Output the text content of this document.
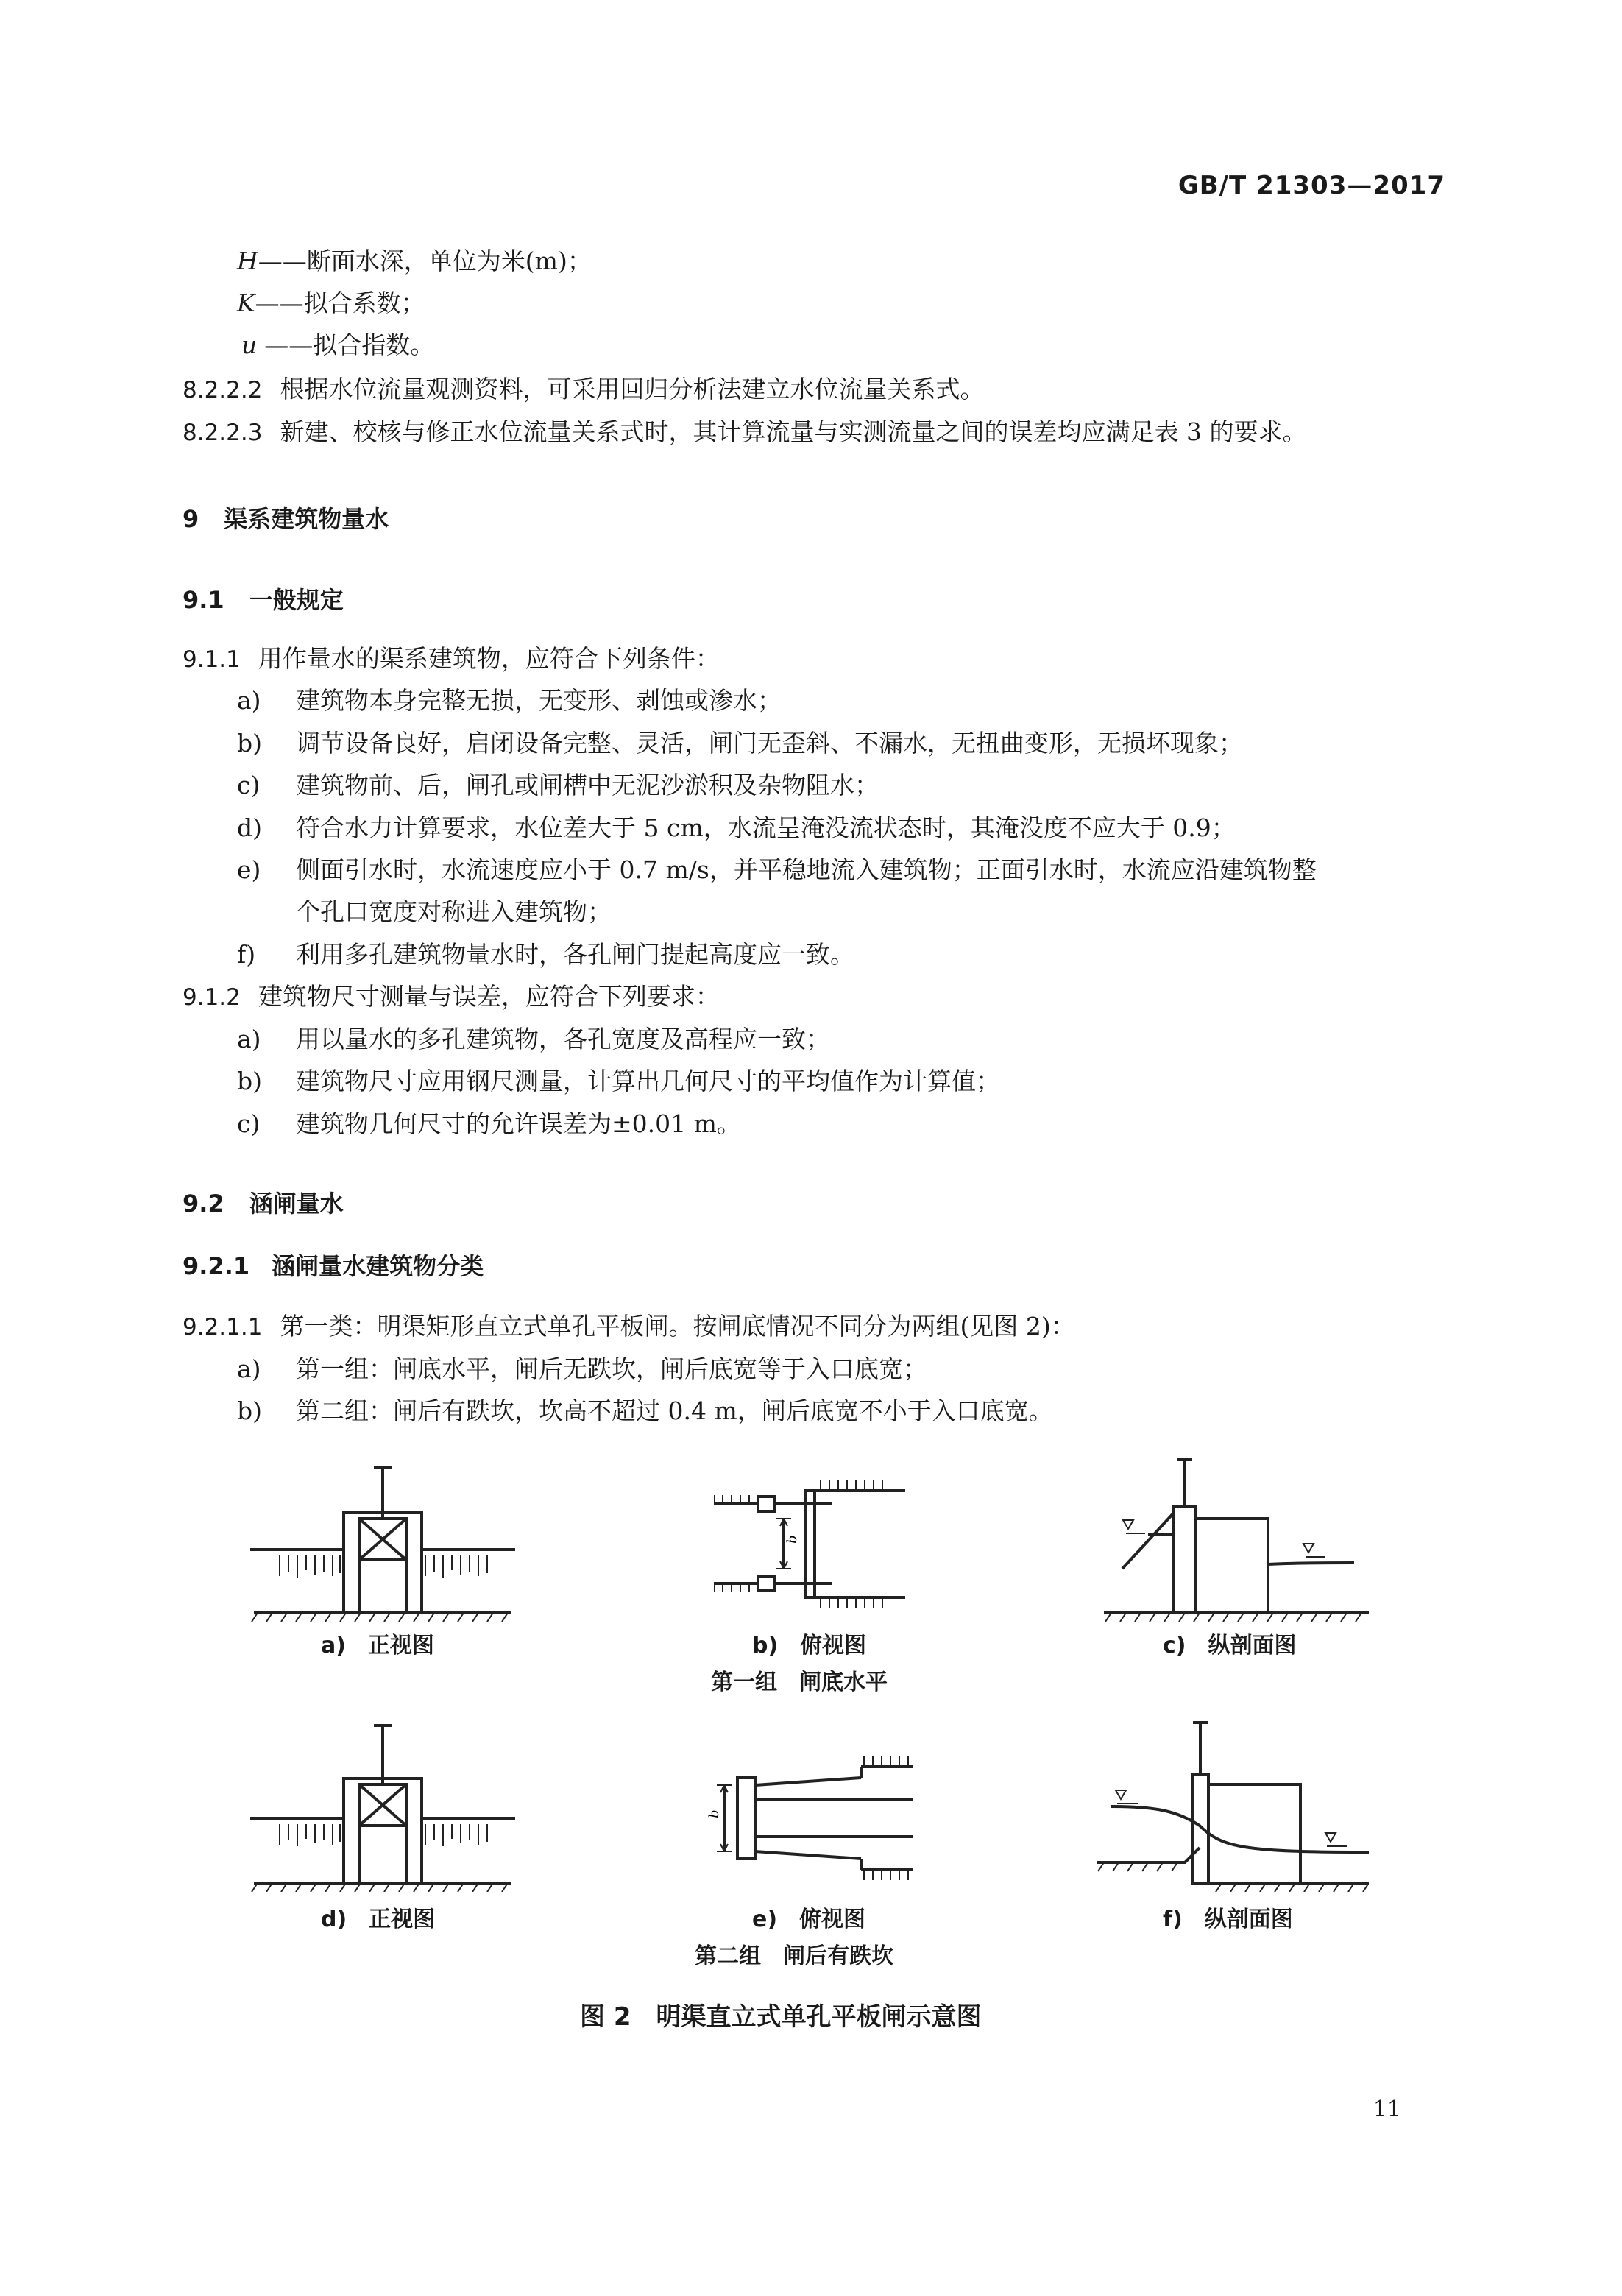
GB/T 21303—2017
H——断面水深，单位为米(m)；
K——拟合系数；
u ——拟合指数。
8.2.2.2 根据水位流量观测资料，可采用回归分析法建立水位流量关系式。
8.2.2.3 新建、校核与修正水位流量关系式时，其计算流量与实测流量之间的误差均应满足表 3 的要求。
9 渠系建筑物量水
9.1 一般规定
9.1.1 用作量水的渠系建筑物，应符合下列条件：
a) 建筑物本身完整无损，无变形、剥蚀或渗水；
b) 调节设备良好，启闭设备完整、灵活，闸门无歪斜、不漏水，无扭曲变形，无损坏现象；
c) 建筑物前、后，闸孔或闸槽中无泥沙淤积及杂物阻水；
d) 符合水力计算要求，水位差大于 5 cm，水流呈淹没流状态时，其淹没度不应大于 0.9；
e) 侧面引水时，水流速度应小于 0.7 m/s，并平稳地流入建筑物；正面引水时，水流应沿建筑物整
个孔口宽度对称进入建筑物；
f) 利用多孔建筑物量水时，各孔闸门提起高度应一致。
9.1.2 建筑物尺寸测量与误差，应符合下列要求：
a) 用以量水的多孔建筑物，各孔宽度及高程应一致；
b) 建筑物尺寸应用钢尺测量，计算出几何尺寸的平均值作为计算值；
c) 建筑物几何尺寸的允许误差为±0.01 m。
9.2 涵闸量水
9.2.1 涵闸量水建筑物分类
9.2.1.1 第一类：明渠矩形直立式单孔平板闸。按闸底情况不同分为两组(见图 2)：
a) 第一组：闸底水平，闸后无跌坎，闸后底宽等于入口底宽；
b) 第二组：闸后有跌坎，坎高不超过 0.4 m，闸后底宽不小于入口底宽。
b
a)　正视图	b)　俯视图	c)　纵剖面图
第一组　闸底水平
b
d)　正视图	e)　俯视图	f)　纵剖面图
第二组　闸后有跌坎
图 2　明渠直立式单孔平板闸示意图
11
